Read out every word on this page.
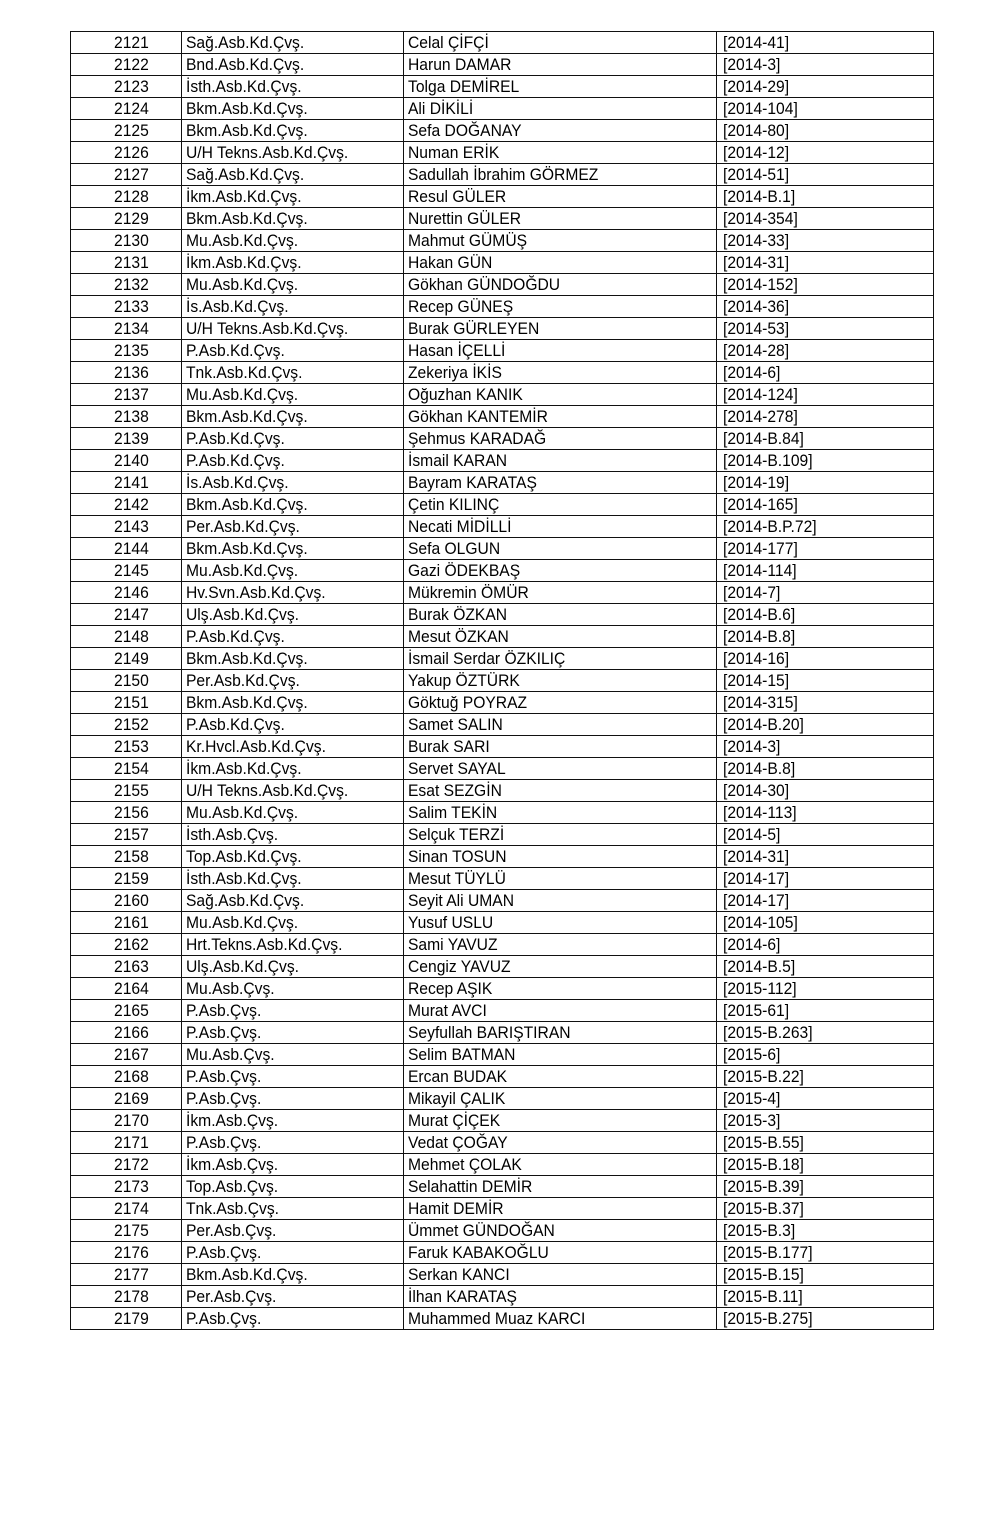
2121	Sağ.Asb.Kd.Çvş.	Celal ÇİFÇİ	[2014-41]
2122	Bnd.Asb.Kd.Çvş.	Harun DAMAR	[2014-3]
2123	İsth.Asb.Kd.Çvş.	Tolga DEMİREL	[2014-29]
2124	Bkm.Asb.Kd.Çvş.	Ali DİKİLİ	[2014-104]
2125	Bkm.Asb.Kd.Çvş.	Sefa DOĞANAY	[2014-80]
2126	U/H Tekns.Asb.Kd.Çvş.	Numan ERİK	[2014-12]
2127	Sağ.Asb.Kd.Çvş.	Sadullah İbrahim GÖRMEZ	[2014-51]
2128	İkm.Asb.Kd.Çvş.	Resul GÜLER	[2014-B.1]
2129	Bkm.Asb.Kd.Çvş.	Nurettin GÜLER	[2014-354]
2130	Mu.Asb.Kd.Çvş.	Mahmut GÜMÜŞ	[2014-33]
2131	İkm.Asb.Kd.Çvş.	Hakan GÜN	[2014-31]
2132	Mu.Asb.Kd.Çvş.	Gökhan GÜNDOĞDU	[2014-152]
2133	İs.Asb.Kd.Çvş.	Recep GÜNEŞ	[2014-36]
2134	U/H Tekns.Asb.Kd.Çvş.	Burak GÜRLEYEN	[2014-53]
2135	P.Asb.Kd.Çvş.	Hasan İÇELLİ	[2014-28]
2136	Tnk.Asb.Kd.Çvş.	Zekeriya İKİS	[2014-6]
2137	Mu.Asb.Kd.Çvş.	Oğuzhan KANIK	[2014-124]
2138	Bkm.Asb.Kd.Çvş.	Gökhan KANTEMİR	[2014-278]
2139	P.Asb.Kd.Çvş.	Şehmus KARADAĞ	[2014-B.84]
2140	P.Asb.Kd.Çvş.	İsmail KARAN	[2014-B.109]
2141	İs.Asb.Kd.Çvş.	Bayram KARATAŞ	[2014-19]
2142	Bkm.Asb.Kd.Çvş.	Çetin KILINÇ	[2014-165]
2143	Per.Asb.Kd.Çvş.	Necati MİDİLLİ	[2014-B.P.72]
2144	Bkm.Asb.Kd.Çvş.	Sefa OLGUN	[2014-177]
2145	Mu.Asb.Kd.Çvş.	Gazi ÖDEKBAŞ	[2014-114]
2146	Hv.Svn.Asb.Kd.Çvş.	Mükremin ÖMÜR	[2014-7]
2147	Ulş.Asb.Kd.Çvş.	Burak ÖZKAN	[2014-B.6]
2148	P.Asb.Kd.Çvş.	Mesut ÖZKAN	[2014-B.8]
2149	Bkm.Asb.Kd.Çvş.	İsmail Serdar ÖZKILIÇ	[2014-16]
2150	Per.Asb.Kd.Çvş.	Yakup ÖZTÜRK	[2014-15]
2151	Bkm.Asb.Kd.Çvş.	Göktuğ POYRAZ	[2014-315]
2152	P.Asb.Kd.Çvş.	Samet SALIN	[2014-B.20]
2153	Kr.Hvcl.Asb.Kd.Çvş.	Burak SARI	[2014-3]
2154	İkm.Asb.Kd.Çvş.	Servet SAYAL	[2014-B.8]
2155	U/H Tekns.Asb.Kd.Çvş.	Esat SEZGİN	[2014-30]
2156	Mu.Asb.Kd.Çvş.	Salim TEKİN	[2014-113]
2157	İsth.Asb.Çvş.	Selçuk TERZİ	[2014-5]
2158	Top.Asb.Kd.Çvş.	Sinan TOSUN	[2014-31]
2159	İsth.Asb.Kd.Çvş.	Mesut TÜYLÜ	[2014-17]
2160	Sağ.Asb.Kd.Çvş.	Seyit Ali UMAN	[2014-17]
2161	Mu.Asb.Kd.Çvş.	Yusuf USLU	[2014-105]
2162	Hrt.Tekns.Asb.Kd.Çvş.	Sami YAVUZ	[2014-6]
2163	Ulş.Asb.Kd.Çvş.	Cengiz YAVUZ	[2014-B.5]
2164	Mu.Asb.Çvş.	Recep AŞIK	[2015-112]
2165	P.Asb.Çvş.	Murat AVCI	[2015-61]
2166	P.Asb.Çvş.	Seyfullah BARIŞTIRAN	[2015-B.263]
2167	Mu.Asb.Çvş.	Selim BATMAN	[2015-6]
2168	P.Asb.Çvş.	Ercan BUDAK	[2015-B.22]
2169	P.Asb.Çvş.	Mikayil ÇALIK	[2015-4]
2170	İkm.Asb.Çvş.	Murat ÇİÇEK	[2015-3]
2171	P.Asb.Çvş.	Vedat ÇOĞAY	[2015-B.55]
2172	İkm.Asb.Çvş.	Mehmet ÇOLAK	[2015-B.18]
2173	Top.Asb.Çvş.	Selahattin DEMİR	[2015-B.39]
2174	Tnk.Asb.Çvş.	Hamit DEMİR	[2015-B.37]
2175	Per.Asb.Çvş.	Ümmet GÜNDOĞAN	[2015-B.3]
2176	P.Asb.Çvş.	Faruk KABAKOĞLU	[2015-B.177]
2177	Bkm.Asb.Kd.Çvş.	Serkan KANCI	[2015-B.15]
2178	Per.Asb.Çvş.	İlhan KARATAŞ	[2015-B.11]
2179	P.Asb.Çvş.	Muhammed Muaz KARCI	[2015-B.275]
